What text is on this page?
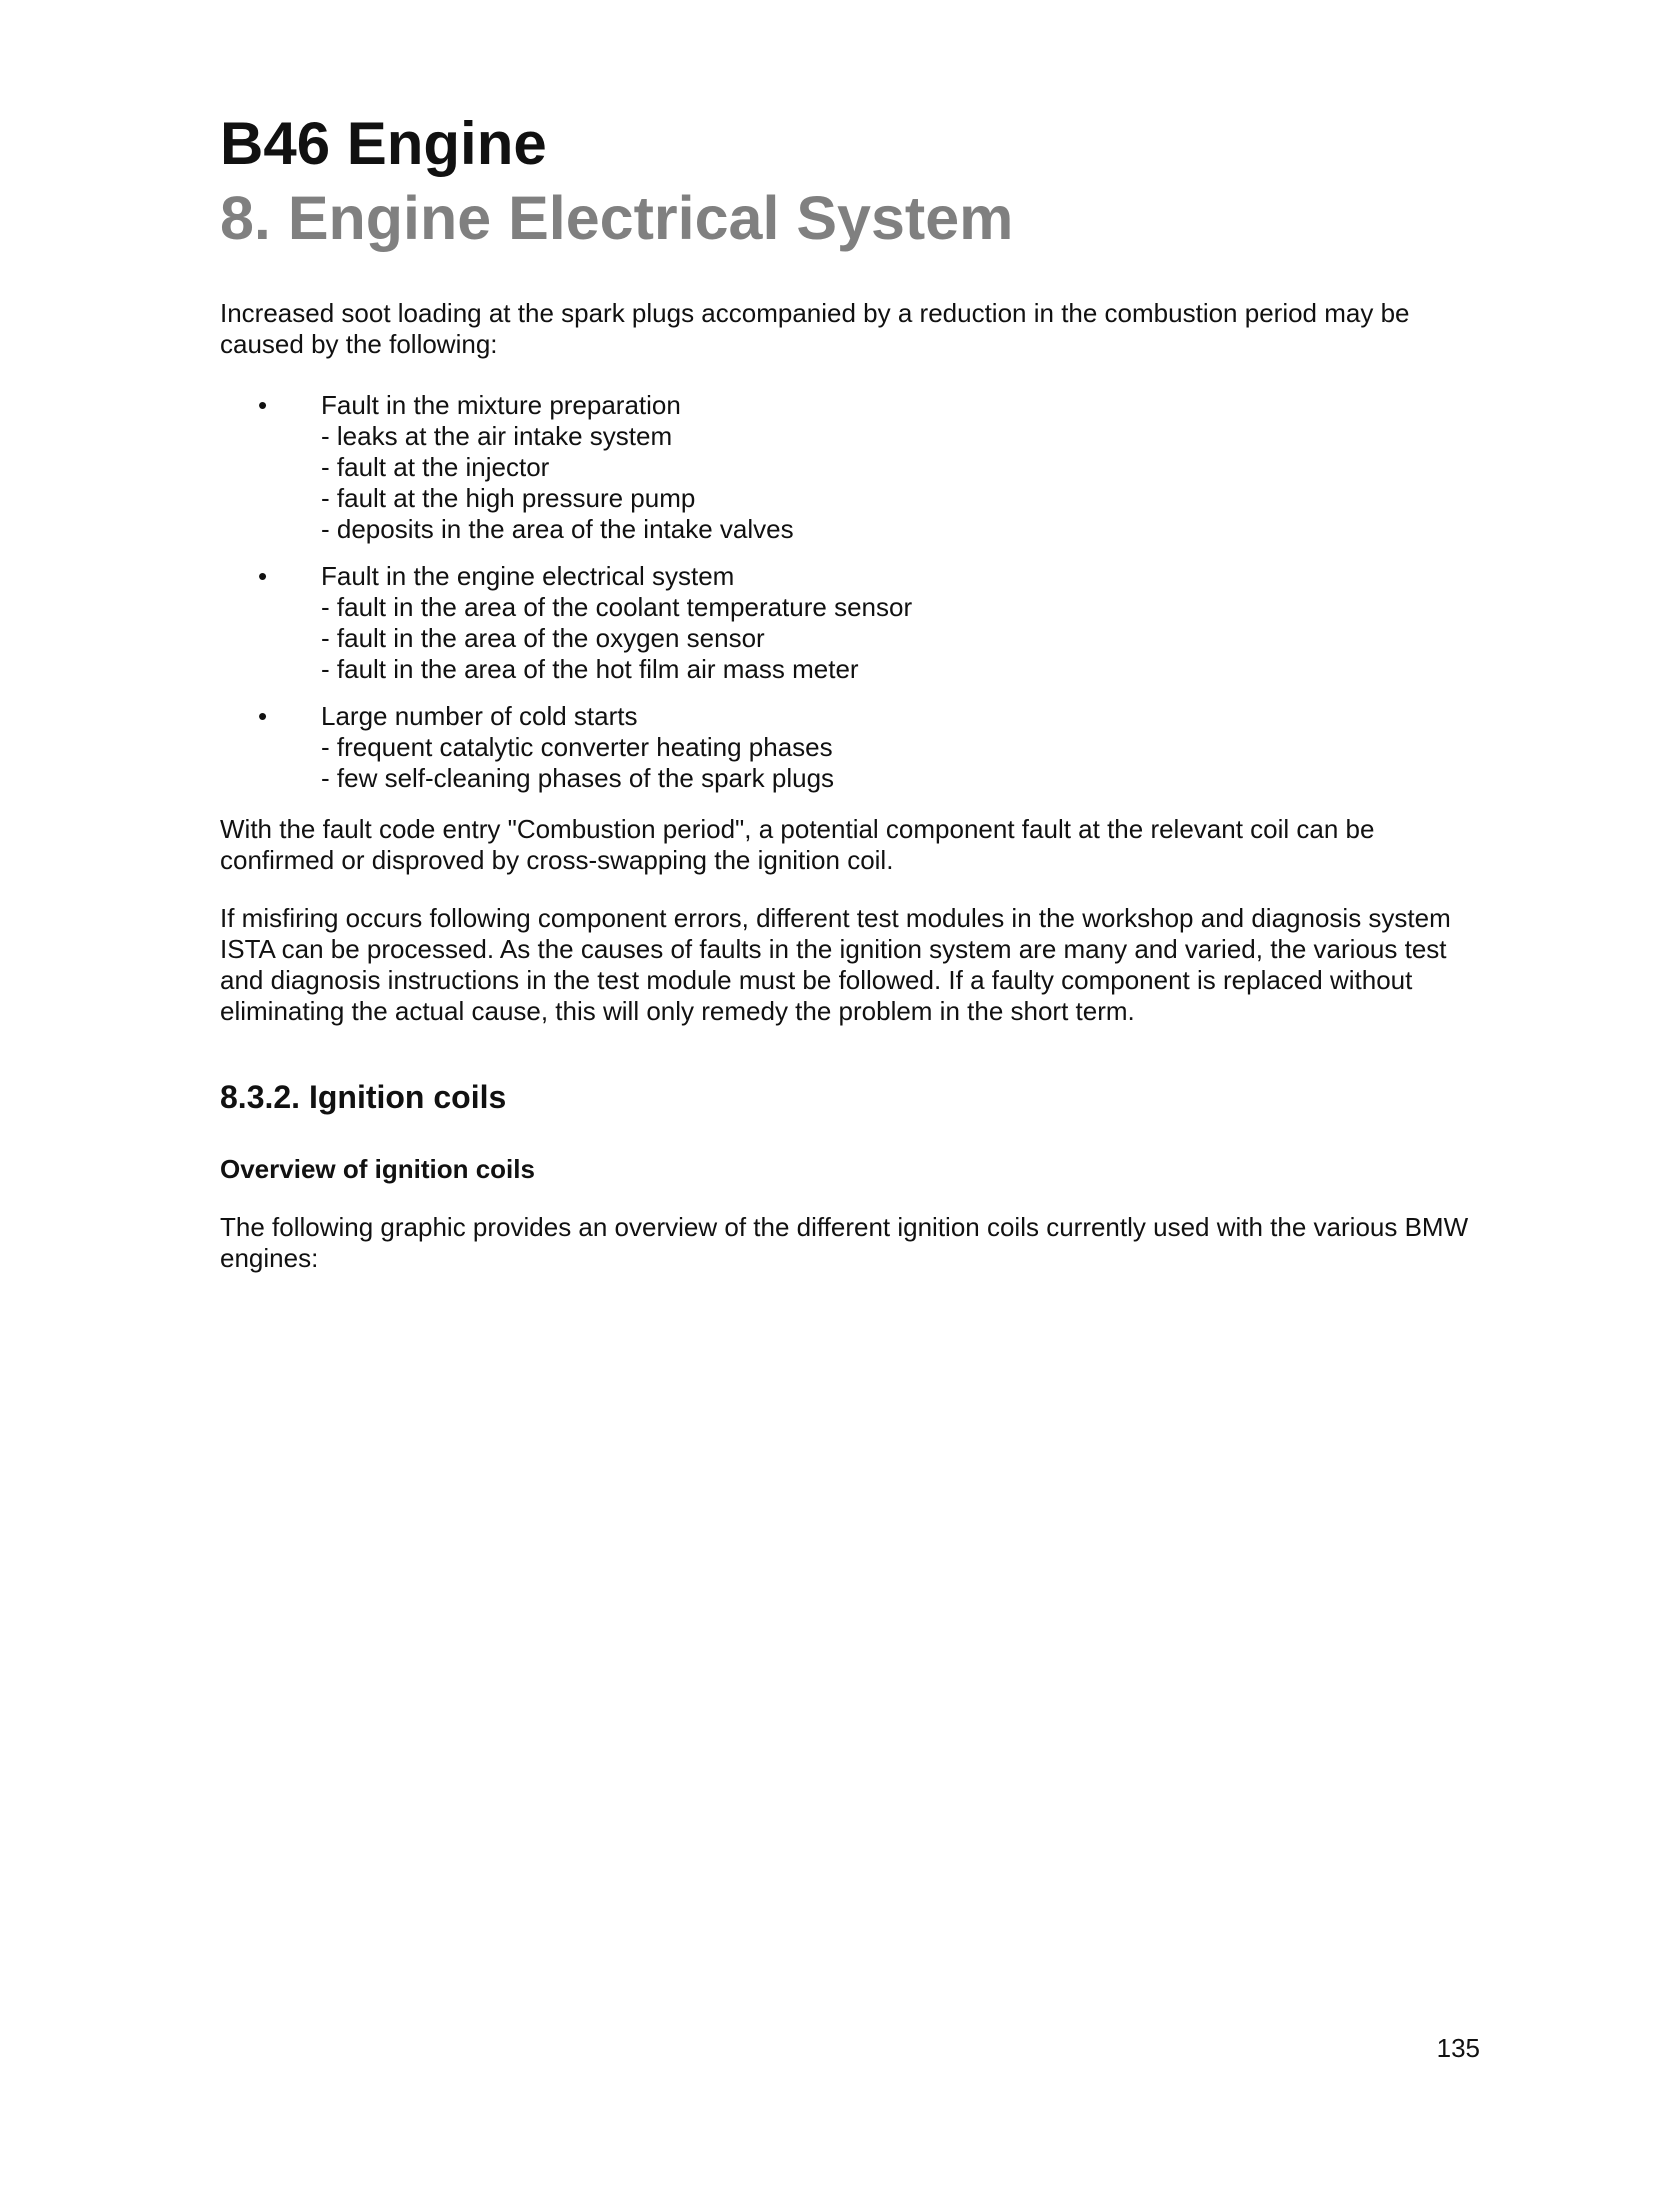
B46 Engine
8. Engine Electrical System

Increased soot loading at the spark plugs accompanied by a reduction in the combustion period may be caused by the following:

• Fault in the mixture preparation
- leaks at the air intake system
- fault at the injector
- fault at the high pressure pump
- deposits in the area of the intake valves
• Fault in the engine electrical system
- fault in the area of the coolant temperature sensor
- fault in the area of the oxygen sensor
- fault in the area of the hot film air mass meter
• Large number of cold starts
- frequent catalytic converter heating phases
- few self-cleaning phases of the spark plugs

With the fault code entry "Combustion period", a potential component fault at the relevant coil can be confirmed or disproved by cross-swapping the ignition coil.

If misfiring occurs following component errors, different test modules in the workshop and diagnosis system ISTA can be processed. As the causes of faults in the ignition system are many and varied, the various test and diagnosis instructions in the test module must be followed. If a faulty component is replaced without eliminating the actual cause, this will only remedy the problem in the short term.

8.3.2. Ignition coils
Overview of ignition coils

The following graphic provides an overview of the different ignition coils currently used with the various BMW engines:

135
